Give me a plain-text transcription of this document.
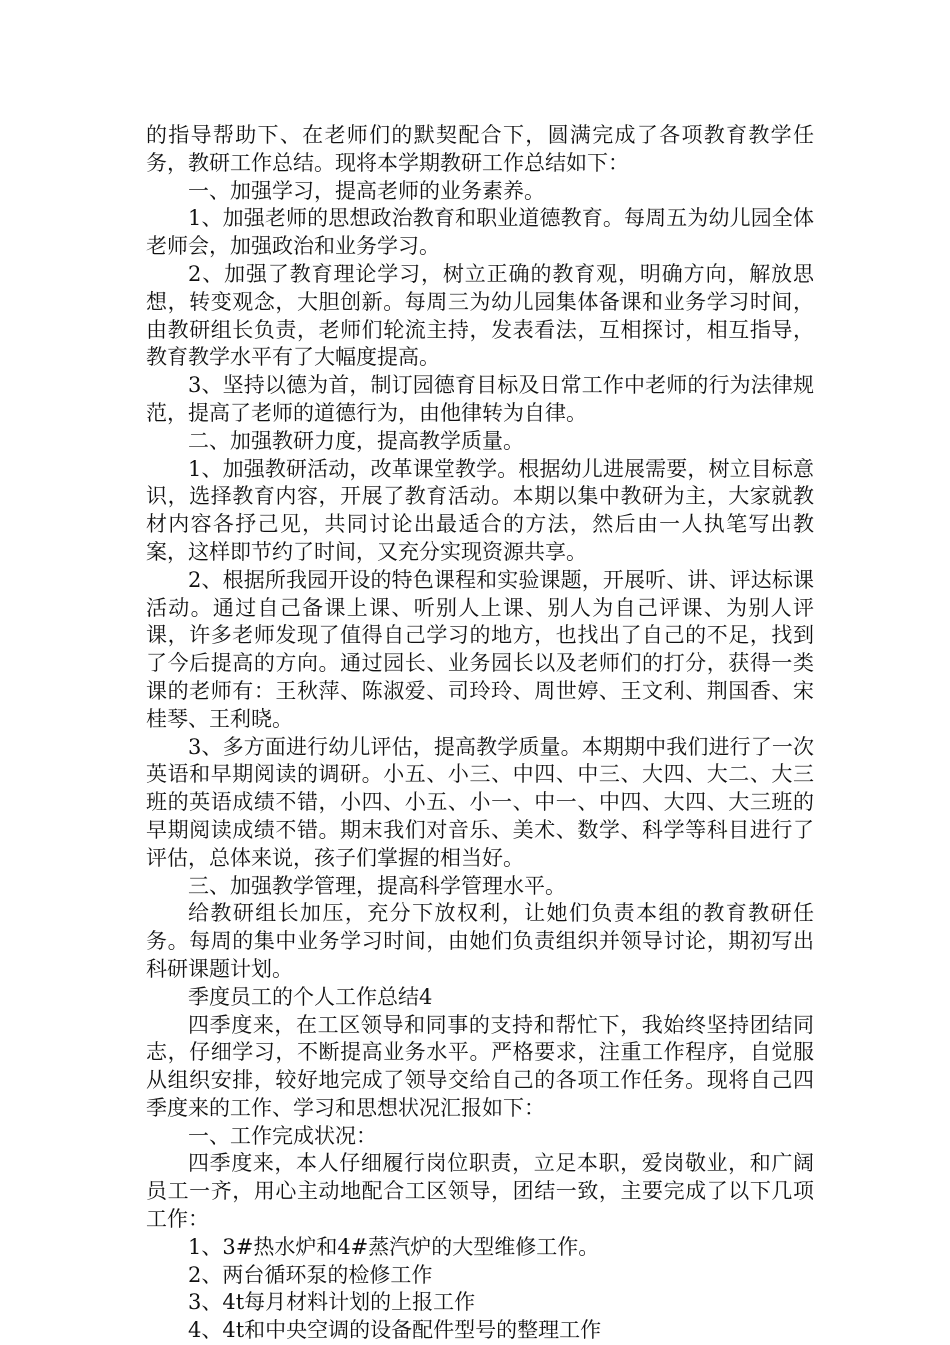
的指导帮助下、在老师们的默契配合下，圆满完成了各项教育教学任务，教研工作总结。现将本学期教研工作总结如下：

一、加强学习，提高老师的业务素养。

1、加强老师的思想政治教育和职业道德教育。每周五为幼儿园全体老师会，加强政治和业务学习。

2、加强了教育理论学习，树立正确的教育观，明确方向，解放思想，转变观念，大胆创新。每周三为幼儿园集体备课和业务学习时间，由教研组长负责，老师们轮流主持，发表看法，互相探讨，相互指导，教育教学水平有了大幅度提高。

3、坚持以德为首，制订园德育目标及日常工作中老师的行为法律规范，提高了老师的道德行为，由他律转为自律。

二、加强教研力度，提高教学质量。

1、加强教研活动，改革课堂教学。根据幼儿进展需要，树立目标意识，选择教育内容，开展了教育活动。本期以集中教研为主，大家就教材内容各抒己见，共同讨论出最适合的方法，然后由一人执笔写出教案，这样即节约了时间，又充分实现资源共享。

2、根据所我园开设的特色课程和实验课题，开展听、讲、评达标课活动。通过自己备课上课、听别人上课、别人为自己评课、为别人评课，许多老师发现了值得自己学习的地方，也找出了自己的不足，找到了今后提高的方向。通过园长、业务园长以及老师们的打分，获得一类课的老师有：王秋萍、陈淑爱、司玲玲、周世婷、王文利、荆国香、宋桂琴、王利晓。

3、多方面进行幼儿评估，提高教学质量。本期期中我们进行了一次英语和早期阅读的调研。小五、小三、中四、中三、大四、大二、大三班的英语成绩不错，小四、小五、小一、中一、中四、大四、大三班的早期阅读成绩不错。期末我们对音乐、美术、数学、科学等科目进行了评估，总体来说，孩子们掌握的相当好。

三、加强教学管理，提高科学管理水平。

给教研组长加压，充分下放权利，让她们负责本组的教育教研任务。每周的集中业务学习时间，由她们负责组织并领导讨论，期初写出科研课题计划。

季度员工的个人工作总结4

四季度来，在工区领导和同事的支持和帮忙下，我始终坚持团结同志，仔细学习，不断提高业务水平。严格要求，注重工作程序，自觉服从组织安排，较好地完成了领导交给自己的各项工作任务。现将自己四季度来的工作、学习和思想状况汇报如下：

一、工作完成状况：

四季度来，本人仔细履行岗位职责，立足本职，爱岗敬业，和广阔员工一齐，用心主动地配合工区领导，团结一致，主要完成了以下几项工作：

1、3#热水炉和4#蒸汽炉的大型维修工作。

2、两台循环泵的检修工作

3、4t每月材料计划的上报工作

4、4t和中央空调的设备配件型号的整理工作
